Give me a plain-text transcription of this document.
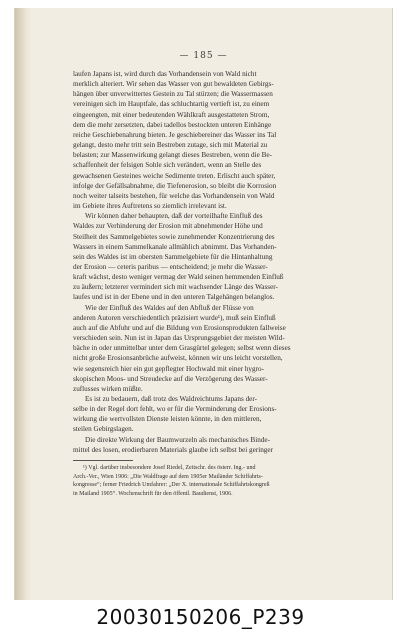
— 185 —

laufen Japans ist, wird durch das Vorhandensein von Wald nicht

merklich alteriert. Wir sehen das Wasser von gut bewaldeten Gebirgs-

hängen über unverwittertes Gestein zu Tal stürzen; die Wassermassen

vereinigen sich im Hauptfale, das schluchtartig vertieft ist, zu einem

eingeengten, mit einer bedeutenden Wählkraft ausgestatteten Strom,

dem die mehr zersetzten, dabei tadellos bestockten unteren Einhänge

reiche Geschiebenahrung bieten. Je geschiebereiner das Wasser ins Tal

gelangt, desto mehr tritt sein Bestreben zutage, sich mit Material zu

belasten; zur Massenwirkung gelangt dieses Bestreben, wenn die Be-

schaffenheit der felsigen Sohle sich verändert, wenn an Stelle des

gewachsenen Gesteines weiche Sedimente treten. Erlischt auch später,

infolge der Gefällsabnahme, die Tiefenerosion, so bleibt die Korrosion

noch weiter talseits bestehen, für welche das Vorhandensein von Wald

im Gebiete ihres Auftretens so ziemlich irrelevant ist.

Wir können daher behaupten, daß der vorteilhafte Einfluß des

Waldes zur Verhinderung der Erosion mit abnehmender Höhe und

Steilheit des Sammelgebietes sowie zunehmender Konzentrierung des

Wassers in einem Sammelkanale allmählich abnimmt. Das Vorhanden-

sein des Waldes ist im obersten Sammelgebiete für die Hintanhaltung

der Erosion — ceteris paribus — entscheidend; je mehr die Wasser-

kraft wächst, desto weniger vermag der Wald seinen hemmenden Einfluß

zu äußern; letzterer vermindert sich mit wachsender Länge des Wasser-

laufes und ist in der Ebene und in den unteren Talgehängen belanglos.

Wie der Einfluß des Waldes auf den Abfluß der Flüsse von

anderen Autoren verschiedentlich präzisiert wurde¹), muß sein Einfluß

auch auf die Abfuhr und auf die Bildung von Erosionsprodukten fallweise

verschieden sein. Nun ist in Japan das Ursprungsgebiet der meisten Wild-

bäche in oder unmittelbar unter dem Grasgürtel gelegen; selbst wenn dieses

nicht große Erosionsanbrüche aufweist, können wir uns leicht vorstellen,

wie segensreich hier ein gut gepflegter Hochwald mit einer hygro-

skopischen Moos- und Streudecke auf die Verzögerung des Wasser-

zuflusses wirken müßte.

Es ist zu bedauern, daß trotz des Waldreichtums Japans der-

selbe in der Regel dort fehlt, wo er für die Verminderung der Erosions-

wirkung die wertvollsten Dienste leisten könnte, in den mittleren,

steilen Gebirgslagen.

Die direkte Wirkung der Baumwurzeln als mechanisches Binde-

mittel des losen, erodierbaren Materials glaube ich selbst bei geringer

¹) Vgl. darüber insbesondere Josef Riedel, Zeitschr. des österr. Ing.- und

Arch.-Ver., Wien 1906: „Die Waldfrage auf dem 1905er Mailänder Schiffahrts-

kongresse“; ferner Friedrich Umfahrer: „Der X. internationale Schiffahrtskongreß

in Mailand 1905“. Wochenschrift für den öffentl. Baudienst, 1906.

20030150206_P239
